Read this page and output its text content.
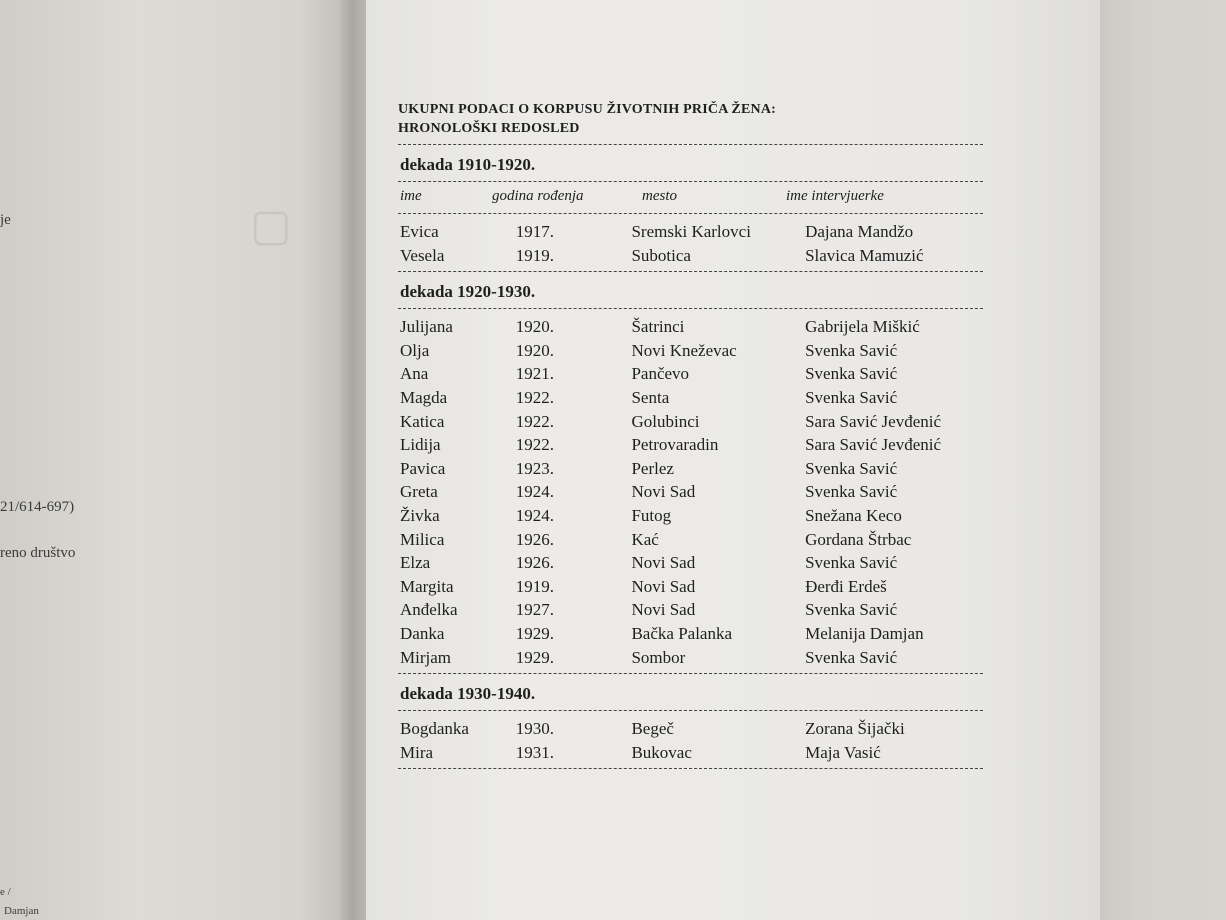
▢
je
21/614-697)
reno društvo
e /
Damjan
UKUPNI PODACI O KORPUSU ŽIVOTNIH PRIČA ŽENA:
HRONOLOŠKI REDOSLED
dekada 1910-1920.
ime	godina rođenja	mesto	ime intervjuerke
Evica	1917.	Sremski Karlovci	Dajana Mandžo
Vesela	1919.	Subotica	Slavica Mamuzić
dekada 1920-1930.
Julijana	1920.	Šatrinci	Gabrijela Miškić
Olja	1920.	Novi Kneževac	Svenka Savić
Ana	1921.	Pančevo	Svenka Savić
Magda	1922.	Senta	Svenka Savić
Katica	1922.	Golubinci	Sara Savić Jevđenić
Lidija	1922.	Petrovaradin	Sara Savić Jevđenić
Pavica	1923.	Perlez	Svenka Savić
Greta	1924.	Novi Sad	Svenka Savić
Živka	1924.	Futog	Snežana Keco
Milica	1926.	Kać	Gordana Štrbac
Elza	1926.	Novi Sad	Svenka Savić
Margita	1919.	Novi Sad	Đerđi Erdeš
Anđelka	1927.	Novi Sad	Svenka Savić
Danka	1929.	Bačka Palanka	Melanija Damjan
Mirjam	1929.	Sombor	Svenka Savić
dekada 1930-1940.
Bogdanka	1930.	Begeč	Zorana Šijački
Mira	1931.	Bukovac	Maja Vasić
